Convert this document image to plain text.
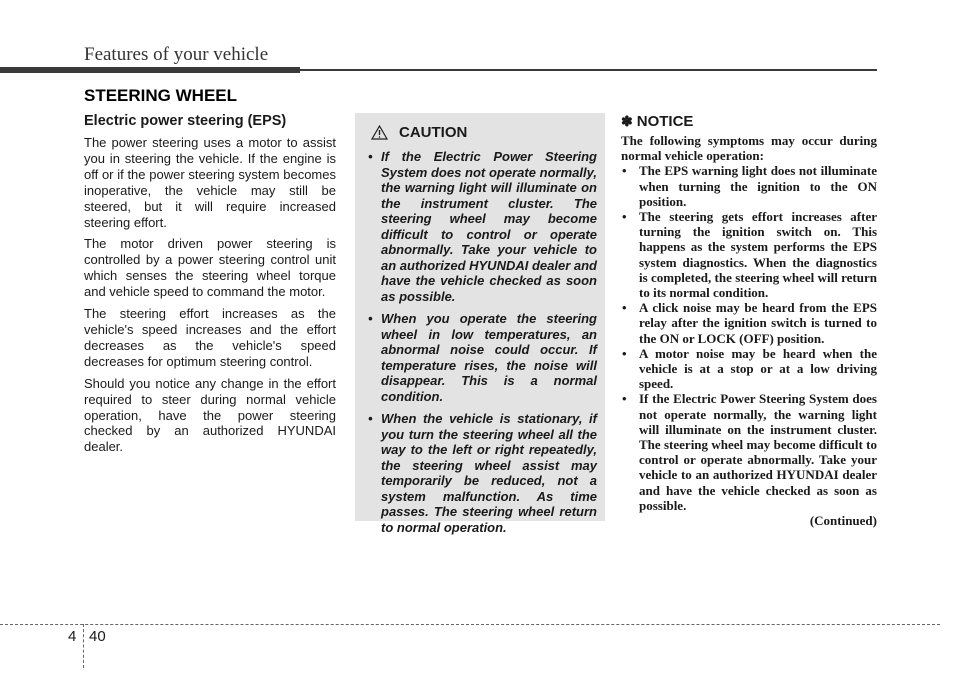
Features of your vehicle
STEERING WHEEL
Electric power steering (EPS)

The power steering uses a motor to assist you in steering the vehicle. If the engine is off or if the power steering system becomes inoperative, the vehicle may still be steered, but it will require increased steering effort.

The motor driven power steering is controlled by a power steering control unit which senses the steering wheel torque and vehicle speed to command the motor.

The steering effort increases as the vehicle's speed increases and the effort decreases as the vehicle's speed decreases for optimum steering control.

Should you notice any change in the effort required to steer during normal vehicle operation, have the power steering checked by an authorized HYUNDAI dealer.

CAUTION
• If the Electric Power Steering System does not operate normally, the warning light will illuminate on the instrument cluster. The steering wheel may become difficult to control or operate abnormally. Take your vehicle to an authorized HYUNDAI dealer and have the vehicle checked as soon as possible.
• When you operate the steering wheel in low temperatures, an abnormal noise could occur. If temperature rises, the noise will disappear. This is a normal condition.
• When the vehicle is stationary, if you turn the steering wheel all the way to the left or right repeatedly, the steering wheel assist may temporarily be reduced, not a system malfunction. As time passes. The steering wheel return to normal operation.
✽ NOTICE

The following symptoms may occur during normal vehicle operation:

• The EPS warning light does not illuminate when turning the ignition to the ON position.
• The steering gets effort increases after turning the ignition switch on. This happens as the system performs the EPS system diagnostics. When the diagnostics is completed, the steering wheel will return to its normal condition.
• A click noise may be heard from the EPS relay after the ignition switch is turned to the ON or LOCK (OFF) position.
• A motor noise may be heard when the vehicle is at a stop or at a low driving speed.
• If the Electric Power Steering System does not operate normally, the warning light will illuminate on the instrument cluster. The steering wheel may become difficult to control or operate abnormally. Take your vehicle to an authorized HYUNDAI dealer and have the vehicle checked as soon as possible.
(Continued)
4 40
